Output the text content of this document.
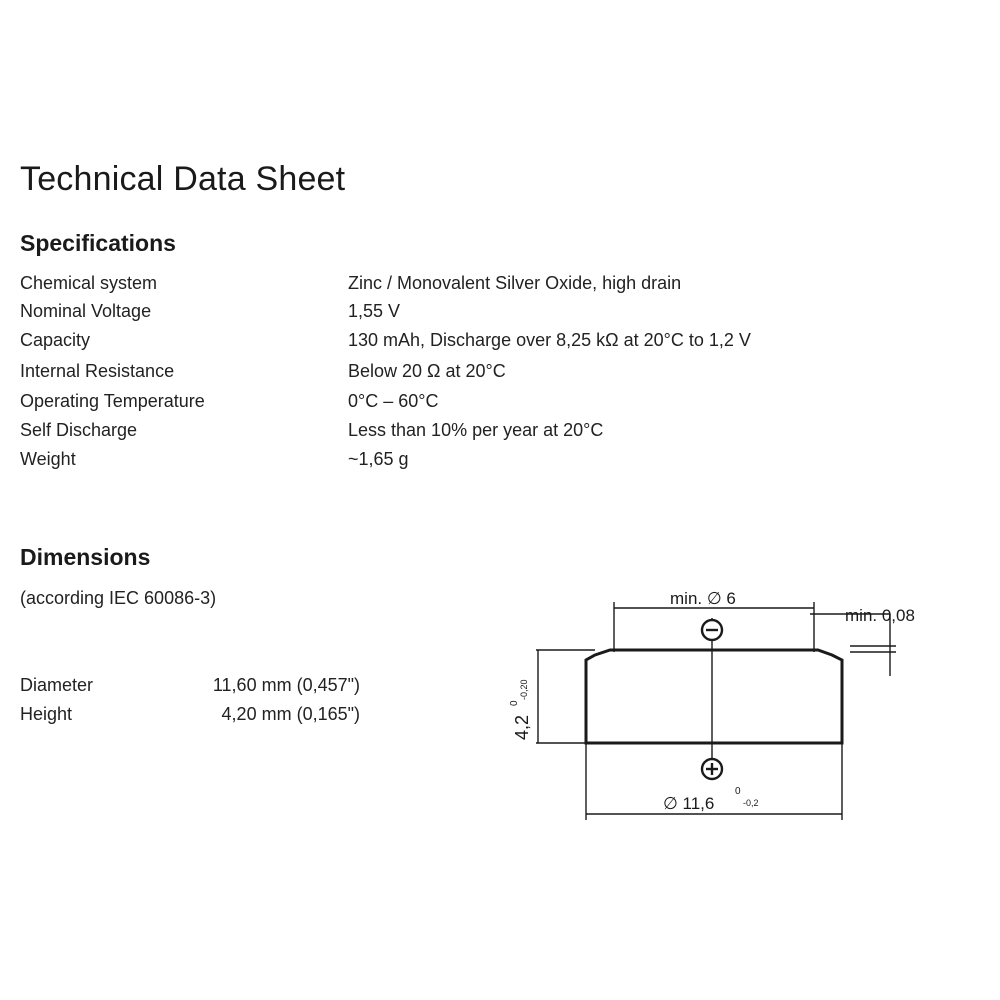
Technical Data Sheet
Specifications
Chemical system	Zinc / Monovalent Silver Oxide, high drain
Nominal Voltage	1,55 V
Capacity	130 mAh, Discharge over 8,25 kΩ at 20°C to 1,2 V
Internal Resistance	Below 20 Ω at 20°C
Operating Temperature	0°C – 60°C
Self Discharge	Less than 10% per year at 20°C
Weight	~1,65 g
Dimensions
(according IEC 60086-3)
Diameter	11,60 mm (0,457")
Height	4,20 mm (0,165")
min. ∅ 6
min. 0,08
4,2
0
-0,20
∅ 11,6
0
-0,2
